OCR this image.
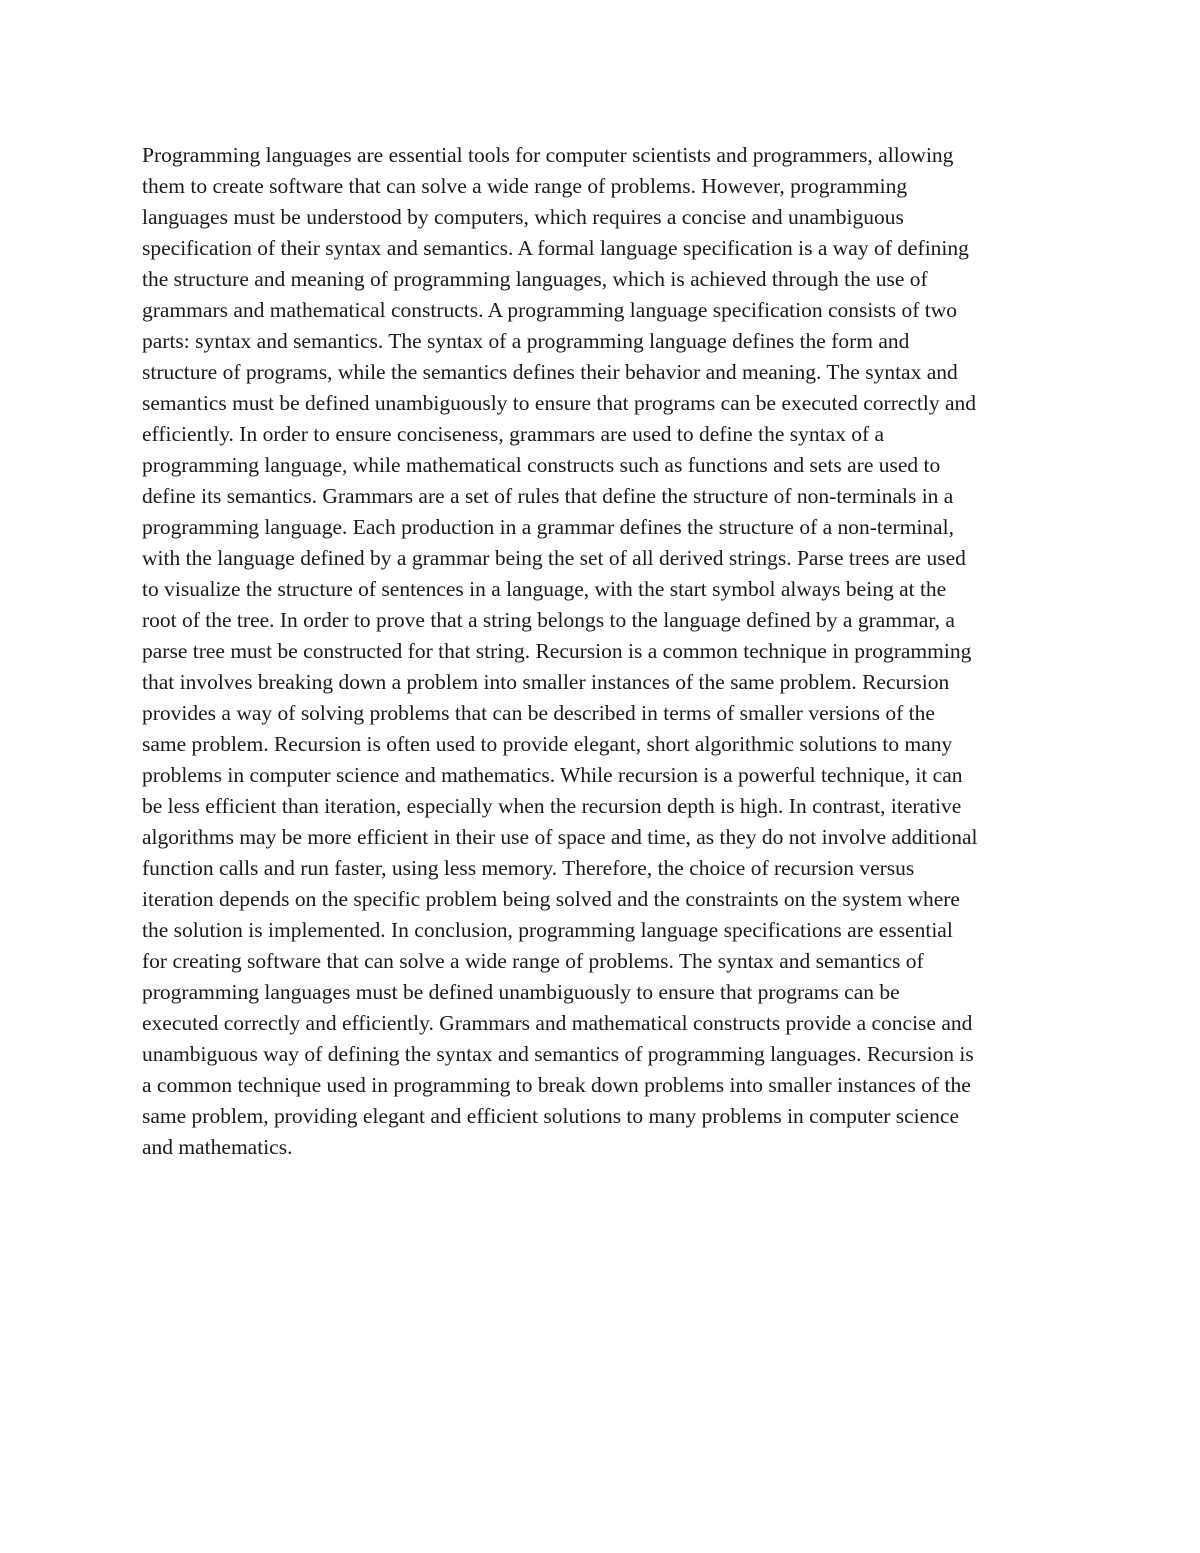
Programming languages are essential tools for computer scientists and programmers, allowing
them to create software that can solve a wide range of problems. However, programming
languages must be understood by computers, which requires a concise and unambiguous
specification of their syntax and semantics. A formal language specification is a way of defining
the structure and meaning of programming languages, which is achieved through the use of
grammars and mathematical constructs. A programming language specification consists of two
parts: syntax and semantics. The syntax of a programming language defines the form and
structure of programs, while the semantics defines their behavior and meaning. The syntax and
semantics must be defined unambiguously to ensure that programs can be executed correctly and
efficiently. In order to ensure conciseness, grammars are used to define the syntax of a
programming language, while mathematical constructs such as functions and sets are used to
define its semantics. Grammars are a set of rules that define the structure of non-terminals in a
programming language. Each production in a grammar defines the structure of a non-terminal,
with the language defined by a grammar being the set of all derived strings. Parse trees are used
to visualize the structure of sentences in a language, with the start symbol always being at the
root of the tree. In order to prove that a string belongs to the language defined by a grammar, a
parse tree must be constructed for that string. Recursion is a common technique in programming
that involves breaking down a problem into smaller instances of the same problem. Recursion
provides a way of solving problems that can be described in terms of smaller versions of the
same problem. Recursion is often used to provide elegant, short algorithmic solutions to many
problems in computer science and mathematics. While recursion is a powerful technique, it can
be less efficient than iteration, especially when the recursion depth is high. In contrast, iterative
algorithms may be more efficient in their use of space and time, as they do not involve additional
function calls and run faster, using less memory. Therefore, the choice of recursion versus
iteration depends on the specific problem being solved and the constraints on the system where
the solution is implemented. In conclusion, programming language specifications are essential
for creating software that can solve a wide range of problems. The syntax and semantics of
programming languages must be defined unambiguously to ensure that programs can be
executed correctly and efficiently. Grammars and mathematical constructs provide a concise and
unambiguous way of defining the syntax and semantics of programming languages. Recursion is
a common technique used in programming to break down problems into smaller instances of the
same problem, providing elegant and efficient solutions to many problems in computer science
and mathematics.
